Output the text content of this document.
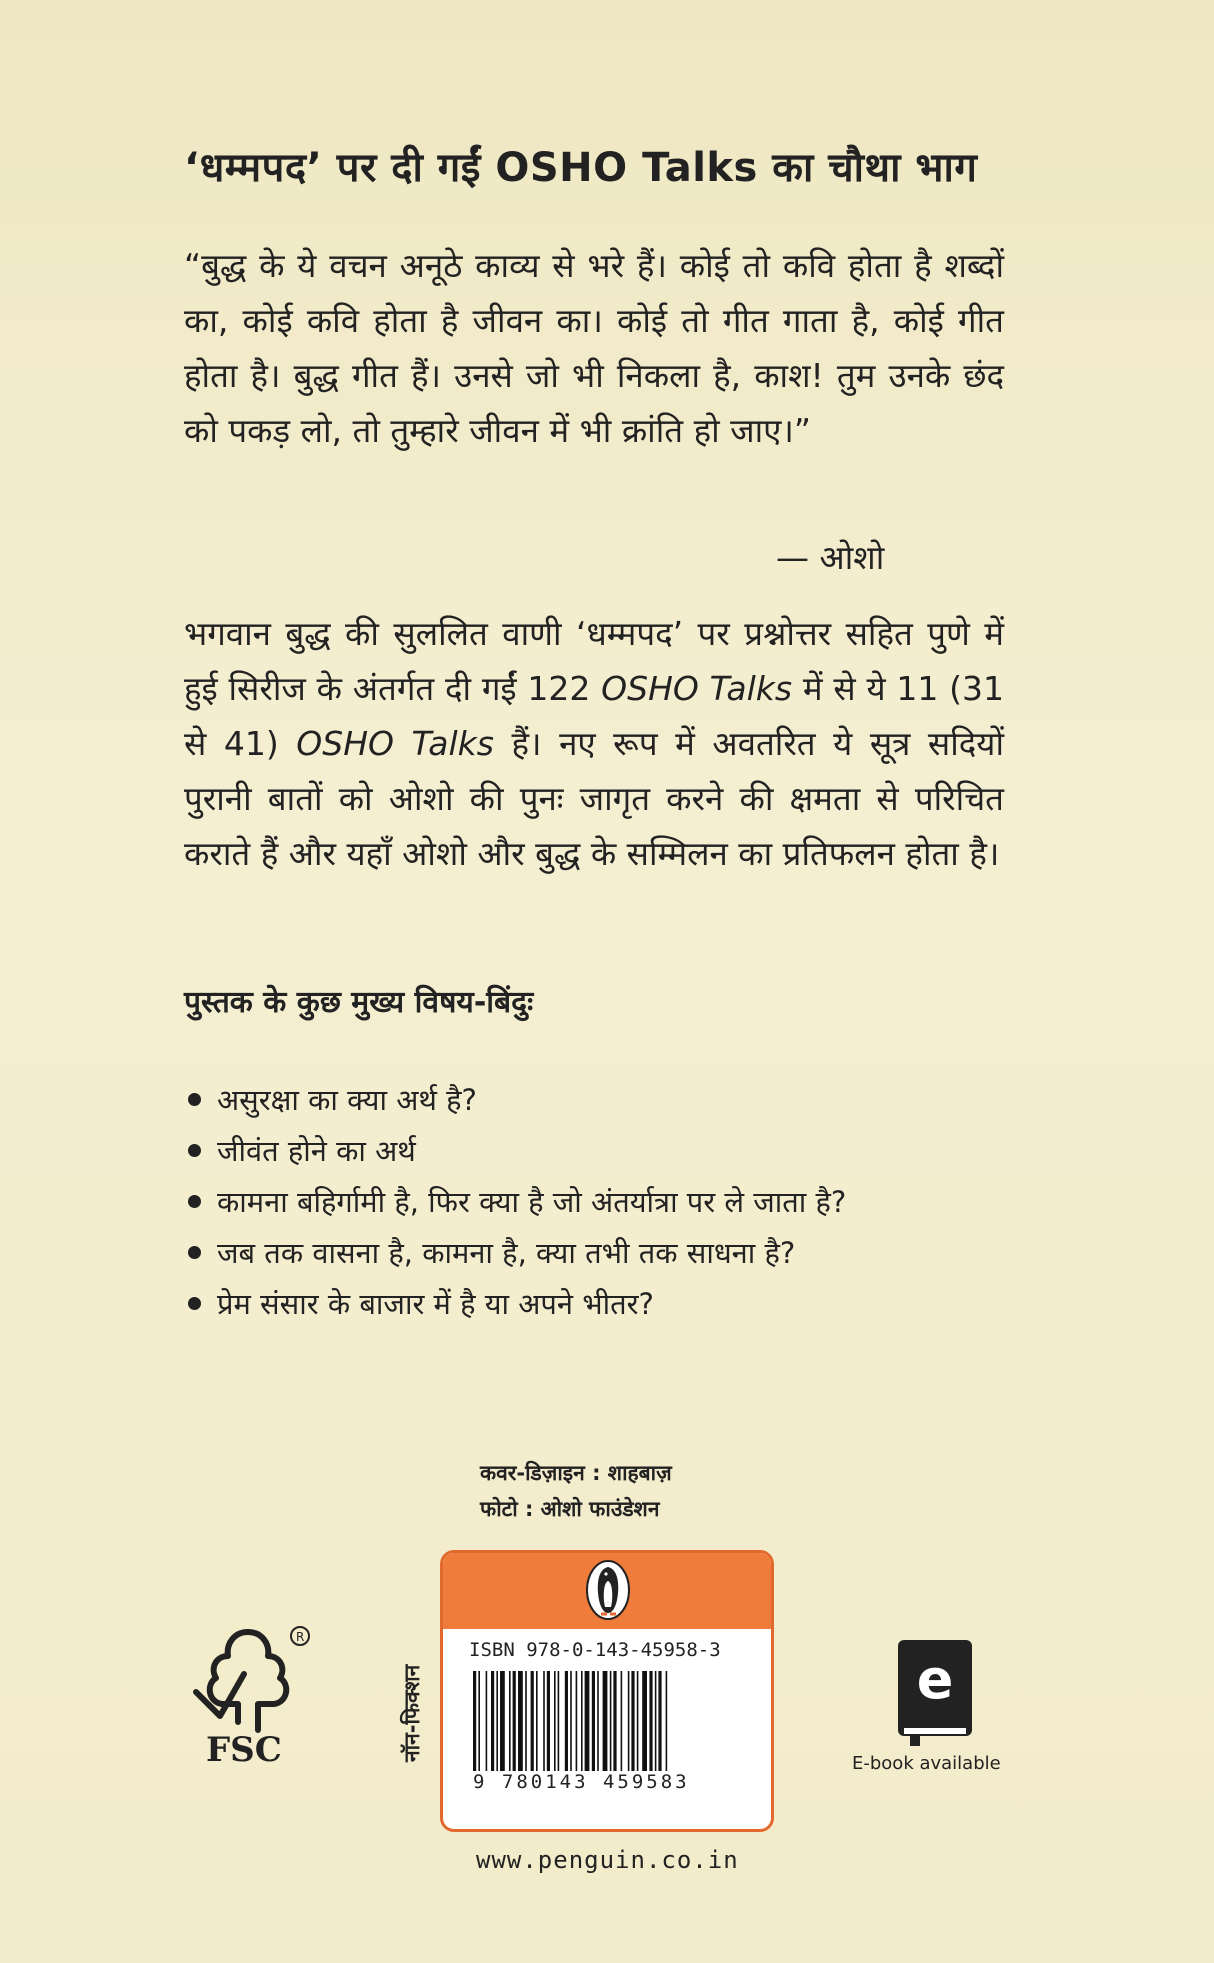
‘धम्मपद’ पर दी गईं OSHO Talks का चौथा भाग
“बुद्ध के ये वचन अनूठे काव्य से भरे हैं। कोई तो कवि होता है शब्दों का, कोई कवि होता है जीवन का। कोई तो गीत गाता है, कोई गीत होता है। बुद्ध गीत हैं। उनसे जो भी निकला है, काश! तुम उनके छंद को पकड़ लो, तो तुम्हारे जीवन में भी क्रांति हो जाए।”
— ओशो
भगवान बुद्ध की सुललित वाणी ‘धम्मपद’ पर प्रश्नोत्तर सहित पुणे में हुई सिरीज के अंतर्गत दी गईं 122 OSHO Talks में से ये 11 (31 से 41) OSHO Talks हैं। नए रूप में अवतरित ये सूत्र सदियों पुरानी बातों को ओशो की पुनः जागृत करने की क्षमता से परिचित कराते हैं और यहाँ ओशो और बुद्ध के सम्मिलन का प्रतिफलन होता है।
पुस्तक के कुछ मुख्य विषय-बिंदुः
असुरक्षा का क्या अर्थ है?
जीवंत होने का अर्थ
कामना बहिर्गामी है, फिर क्या है जो अंतर्यात्रा पर ले जाता है?
जब तक वासना है, कामना है, क्या तभी तक साधना है?
प्रेम संसार के बाजार में है या अपने भीतर?
कवर-डिज़ाइन : शाहबाज़
फोटो : ओशो फाउंडेशन
R
FSC	नॉन-फिक्शन
ISBN 978-0-143-45958-3
9 780143 459583
www.penguin.co.in
e
E-book available
